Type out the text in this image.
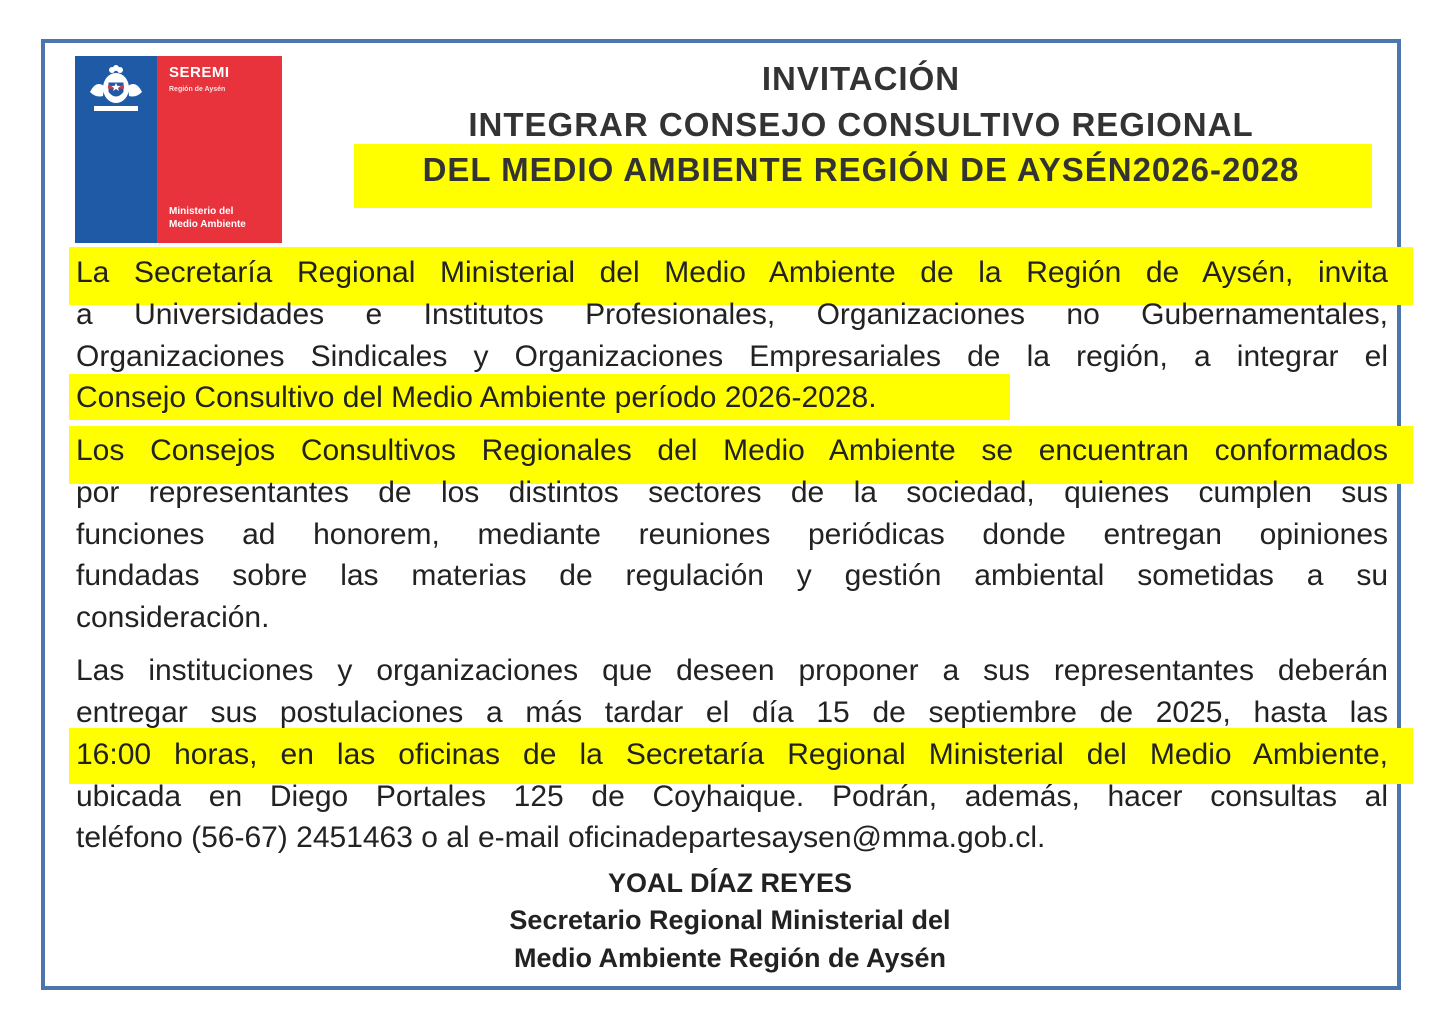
SEREMI
Región de Aysén
Ministerio del
Medio Ambiente
INVITACIÓN
INTEGRAR CONSEJO CONSULTIVO REGIONAL
DEL MEDIO AMBIENTE REGIÓN DE AYSÉN2026-2028
La Secretaría Regional Ministerial del Medio Ambiente de la Región de Aysén, invita
a Universidades e Institutos Profesionales, Organizaciones no Gubernamentales,
Organizaciones Sindicales y Organizaciones Empresariales de la región, a integrar el
Consejo Consultivo del Medio Ambiente período 2026-2028.
Los Consejos Consultivos Regionales del Medio Ambiente se encuentran conformados
por representantes de los distintos sectores de la sociedad, quienes cumplen sus
funciones ad honorem, mediante reuniones periódicas donde entregan opiniones
fundadas sobre las materias de regulación y gestión ambiental sometidas a su
consideración.
Las instituciones y organizaciones que deseen proponer a sus representantes deberán
entregar sus postulaciones a más tardar el día 15 de septiembre de 2025, hasta las
16:00 horas, en las oficinas de la Secretaría Regional Ministerial del Medio Ambiente,
ubicada en Diego Portales 125 de Coyhaique. Podrán, además, hacer consultas al
teléfono (56-67) 2451463 o al e-mail oficinadepartesaysen@mma.gob.cl.
YOAL DÍAZ REYES
Secretario Regional Ministerial del
Medio Ambiente Región de Aysén
